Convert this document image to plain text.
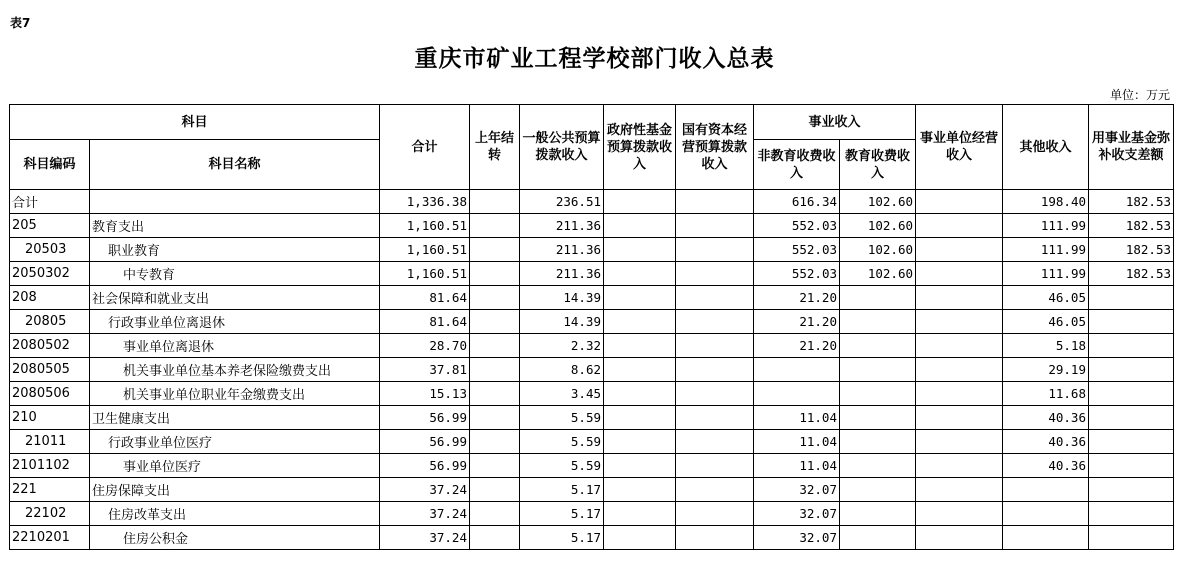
表7
重庆市矿业工程学校部门收入总表
单位：万元
科目		合计	上年结转	一般公共预算拨款收入	政府性基金预算拨款收入	国有资本经营预算拨款收入	事业收入		事业单位经营收入	其他收入	用事业基金弥补收支差额
科目编码	科目名称						非教育收费收入	教育收费收入			
合计		1,336.38		236.51			616.34	102.60		198.40	182.53
205	教育支出	1,160.51		211.36			552.03	102.60		111.99	182.53
20503	职业教育	1,160.51		211.36			552.03	102.60		111.99	182.53
2050302	中专教育	1,160.51		211.36			552.03	102.60		111.99	182.53
208	社会保障和就业支出	81.64		14.39			21.20			46.05	
20805	行政事业单位离退休	81.64		14.39			21.20			46.05	
2080502	事业单位离退休	28.70		2.32			21.20			5.18	
2080505	机关事业单位基本养老保险缴费支出	37.81		8.62						29.19	
2080506	机关事业单位职业年金缴费支出	15.13		3.45						11.68	
210	卫生健康支出	56.99		5.59			11.04			40.36	
21011	行政事业单位医疗	56.99		5.59			11.04			40.36	
2101102	事业单位医疗	56.99		5.59			11.04			40.36	
221	住房保障支出	37.24		5.17			32.07				
22102	住房改革支出	37.24		5.17			32.07				
2210201	住房公积金	37.24		5.17			32.07				
